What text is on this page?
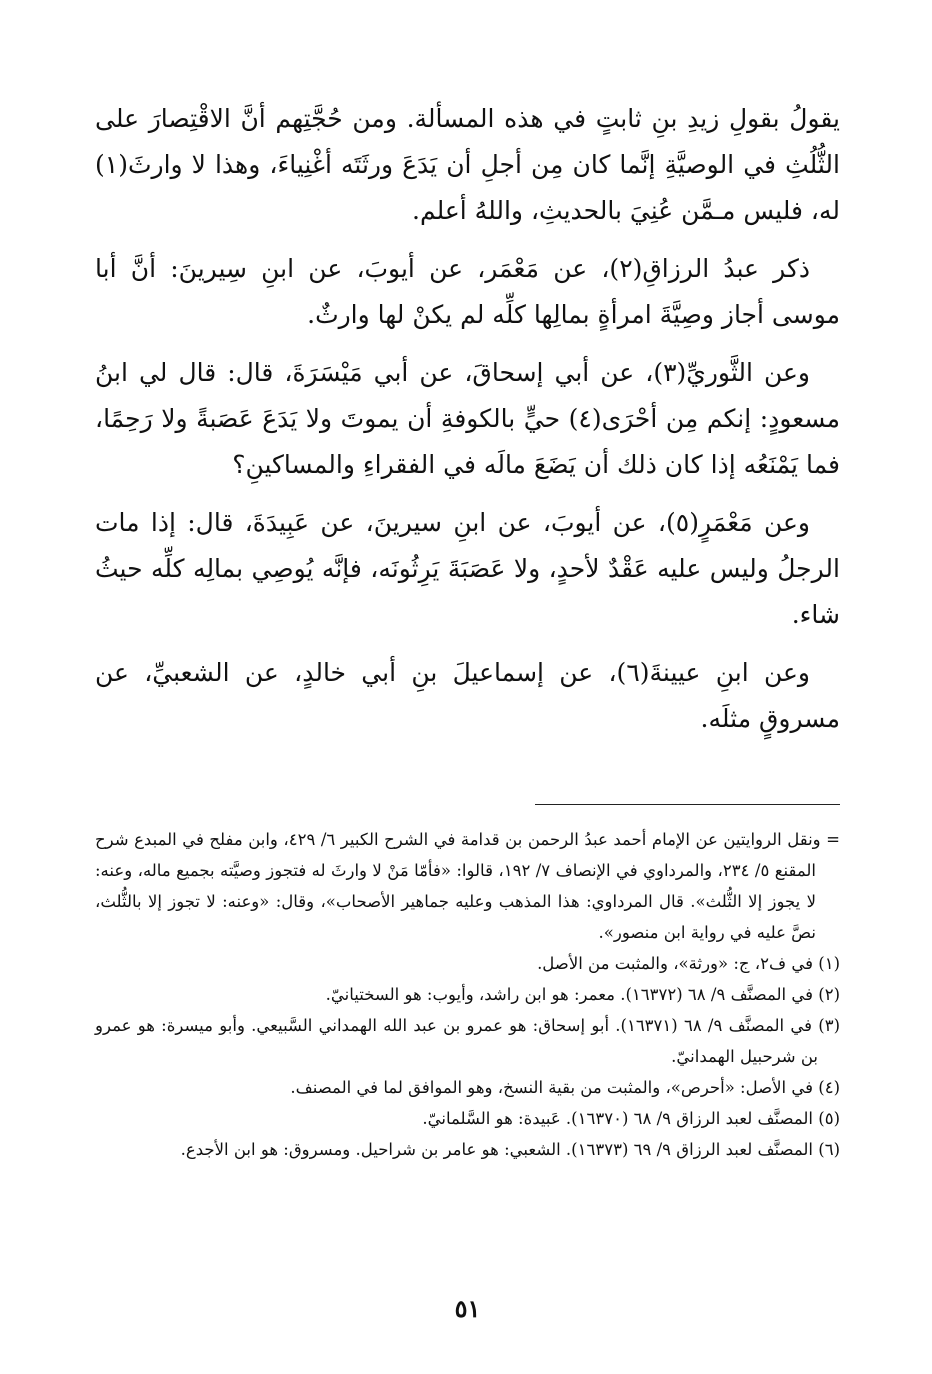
يقولُ بقولِ زيدِ بنِ ثابتٍ في هذه المسألة. ومن حُجَّتِهم أنَّ الاقْتِصارَ على الثُّلُثِ في الوصيَّةِ إنَّما كان مِن أجلِ أن يَدَعَ ورثَتَه أغْنِياءَ، وهذا لا وارثَ(١) له، فليس مـمَّن عُنِيَ بالحديثِ، واللهُ أعلم.

ذكر عبدُ الرزاقِ(٢)، عن مَعْمَر، عن أيوبَ، عن ابنِ سِيرينَ: أنَّ أبا موسى أجاز وصِيَّةَ امرأةٍ بمالِها كلِّه لم يكنْ لها وارثٌ.

وعن الثَّوريِّ(٣)، عن أبي إسحاقَ، عن أبي مَيْسَرَةَ، قال: قال لي ابنُ مسعودٍ: إنكم مِن أحْرَى(٤) حيٍّ بالكوفةِ أن يموتَ ولا يَدَعَ عَصَبةً ولا رَحِمًا، فما يَمْنَعُه إذا كان ذلك أن يَضَعَ مالَه في الفقراءِ والمساكينِ؟

وعن مَعْمَرٍ(٥)، عن أيوبَ، عن ابنِ سيرينَ، عن عَبِيدَةَ، قال: إذا مات الرجلُ وليس عليه عَقْدٌ لأحدٍ، ولا عَصَبَةَ يَرِثُونَه، فإنَّه يُوصِي بمالِه كلِّه حيثُ شاء.

وعن ابنِ عيينةَ(٦)، عن إسماعيلَ بنِ أبي خالدٍ، عن الشعبيِّ، عن مسروقٍ مثلَه.

= ونقل الروايتين عن الإمام أحمد عبدُ الرحمن بن قدامة في الشرح الكبير ٦/ ٤٢٩، وابن مفلح في المبدع شرح المقنع ٥/ ٢٣٤، والمرداوي في الإنصاف ٧/ ١٩٢، قالوا: «فأمّا مَنْ لا وارثَ له فتجوز وصيَّته بجميع ماله، وعنه: لا يجوز إلا الثُّلث». قال المرداوي: هذا المذهب وعليه جماهير الأصحاب»، وقال: «وعنه: لا تجوز إلا بالثُّلث، نصَّ عليه في رواية ابن منصور».

(١) في ف٢، ج: «ورثة»، والمثبت من الأصل.

(٢) في المصنَّف ٩/ ٦٨ (١٦٣٧٢). معمر: هو ابن راشد، وأيوب: هو السختيانيّ.

(٣) في المصنَّف ٩/ ٦٨ (١٦٣٧١). أبو إسحاق: هو عمرو بن عبد الله الهمداني السَّبيعي. وأبو ميسرة: هو عمرو بن شرحبيل الهمدانيّ.

(٤) في الأصل: «أحرص»، والمثبت من بقية النسخ، وهو الموافق لما في المصنف.

(٥) المصنَّف لعبد الرزاق ٩/ ٦٨ (١٦٣٧٠). عَبيدة: هو السَّلمانيّ.

(٦) المصنَّف لعبد الرزاق ٩/ ٦٩ (١٦٣٧٣). الشعبي: هو عامر بن شراحيل. ومسروق: هو ابن الأجدع.

٥١
